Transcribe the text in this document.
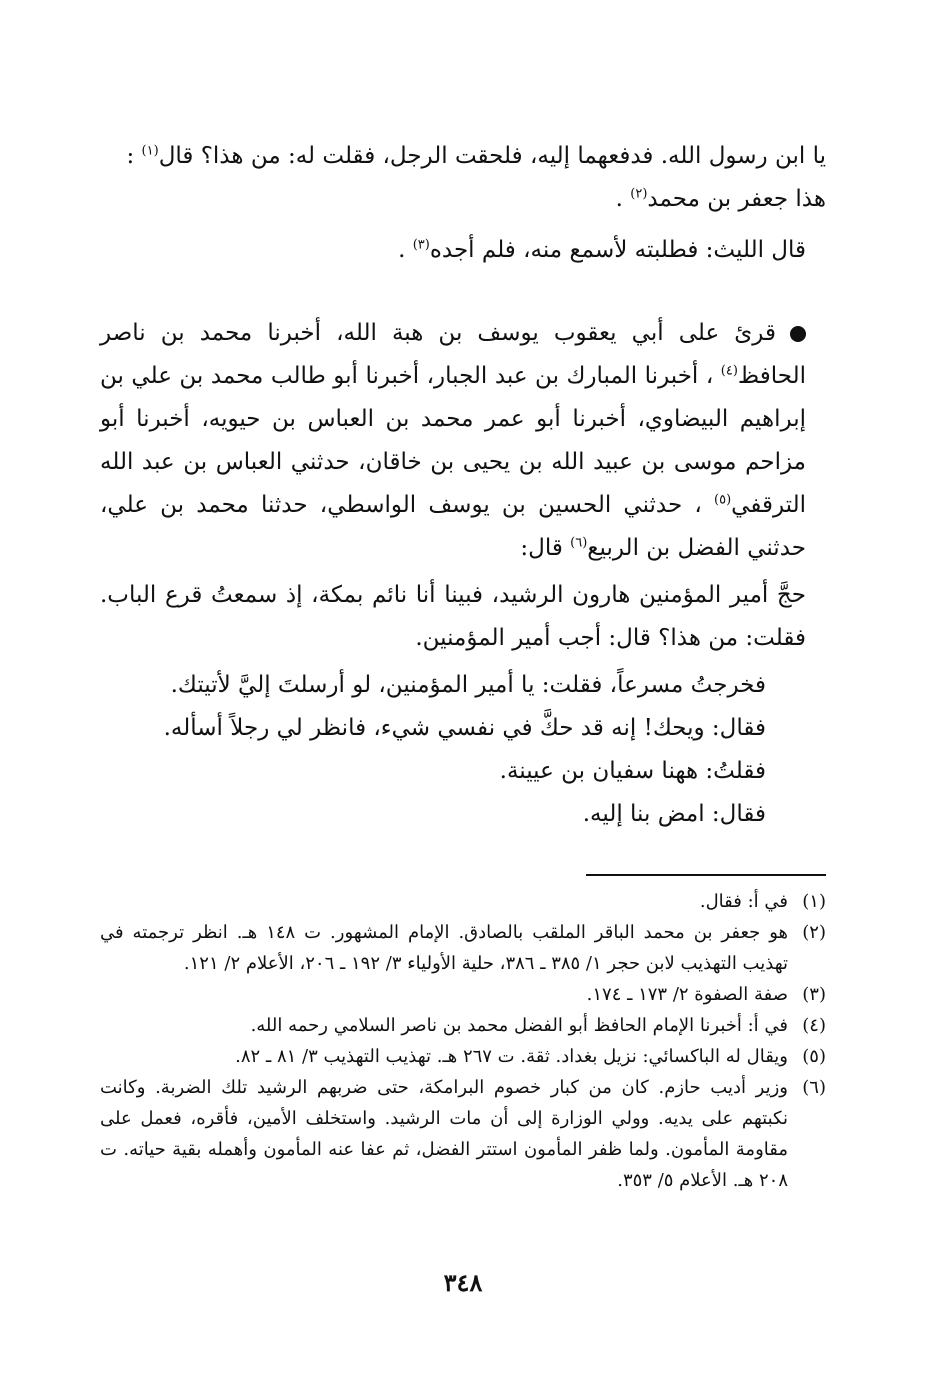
يا ابن رسول الله. فدفعهما إليه، فلحقت الرجل، فقلت له: من هذا؟ قال$^{(١)}$ :
هذا جعفر بن محمد$^{(٢)}$ .

قال الليث: فطلبته لأسمع منه، فلم أجده$^{(٣)}$ .

قرئ على أبي يعقوب يوسف بن هبة الله، أخبرنا محمد بن ناصر الحافظ$^{(٤)}$ ، أخبرنا المبارك بن عبد الجبار، أخبرنا أبو طالب محمد بن علي بن إبراهيم البيضاوي، أخبرنا أبو عمر محمد بن العباس بن حيويه، أخبرنا أبو مزاحم موسى بن عبيد الله بن يحيى بن خاقان، حدثني العباس بن عبد الله الترقفي$^{(٥)}$ ، حدثني الحسين بن يوسف الواسطي، حدثنا محمد بن علي، حدثني الفضل بن الربيع$^{(٦)}$ قال:

حجَّ أمير المؤمنين هارون الرشيد، فبينا أنا نائم بمكة، إذ سمعتُ قرع الباب. فقلت: من هذا؟ قال: أجب أمير المؤمنين.

فخرجتُ مسرعاً، فقلت: يا أمير المؤمنين، لو أرسلتَ إليَّ لأتيتك.

فقال: ويحك! إنه قد حكَّ في نفسي شيء، فانظر لي رجلاً أسأله.

فقلتُ: ههنا سفيان بن عيينة.

فقال: امض بنا إليه.

(١)
في أ: فقال.
(٢)
هو جعفر بن محمد الباقر الملقب بالصادق. الإمام المشهور. ت ١٤٨ هـ. انظر ترجمته في تهذيب التهذيب لابن حجر ١/ ٣٨٥ ـ ٣٨٦، حلية الأولياء ٣/ ١٩٢ ـ ٢٠٦، الأعلام ٢/ ١٢١.
(٣)
صفة الصفوة ٢/ ١٧٣ ـ ١٧٤.
(٤)
في أ: أخبرنا الإمام الحافظ أبو الفضل محمد بن ناصر السلامي رحمه الله.
(٥)
ويقال له الباكسائي: نزيل بغداد. ثقة. ت ٢٦٧ هـ. تهذيب التهذيب ٣/ ٨١ ـ ٨٢.
(٦)
وزير أديب حازم. كان من كبار خصوم البرامكة، حتى ضربهم الرشيد تلك الضربة. وكانت نكبتهم على يديه. وولي الوزارة إلى أن مات الرشيد. واستخلف الأمين، فأقره، فعمل على مقاومة المأمون. ولما ظفر المأمون استتر الفضل، ثم عفا عنه المأمون وأهمله بقية حياته. ت ٢٠٨ هـ. الأعلام ٥/ ٣٥٣.
٣٤٨
